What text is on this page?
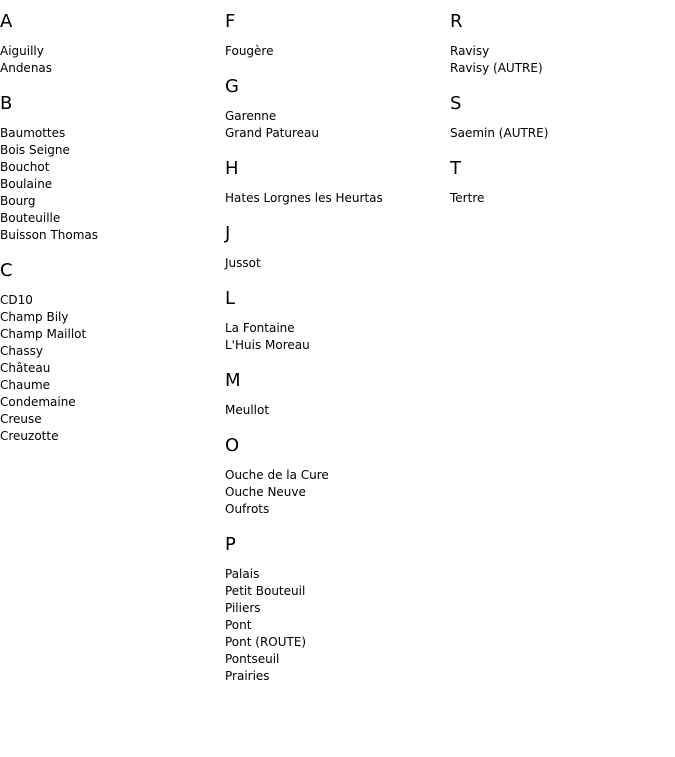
A
Aiguilly
Andenas
B
Baumottes
Bois Seigne
Bouchot
Boulaine
Bourg
Bouteuille
Buisson Thomas
C
CD10
Champ Bily
Champ Maillot
Chassy
Château
Chaume
Condemaine
Creuse
Creuzotte
F
Fougère
G
Garenne
Grand Patureau
H
Hates Lorgnes les Heurtas
J
Jussot
L
La Fontaine
L'Huis Moreau
M
Meullot
O
Ouche de la Cure
Ouche Neuve
Oufrots
P
Palais
Petit Bouteuil
Piliers
Pont
Pont (ROUTE)
Pontseuil
Prairies
R
Ravisy
Ravisy (AUTRE)
S
Saemin (AUTRE)
T
Tertre
